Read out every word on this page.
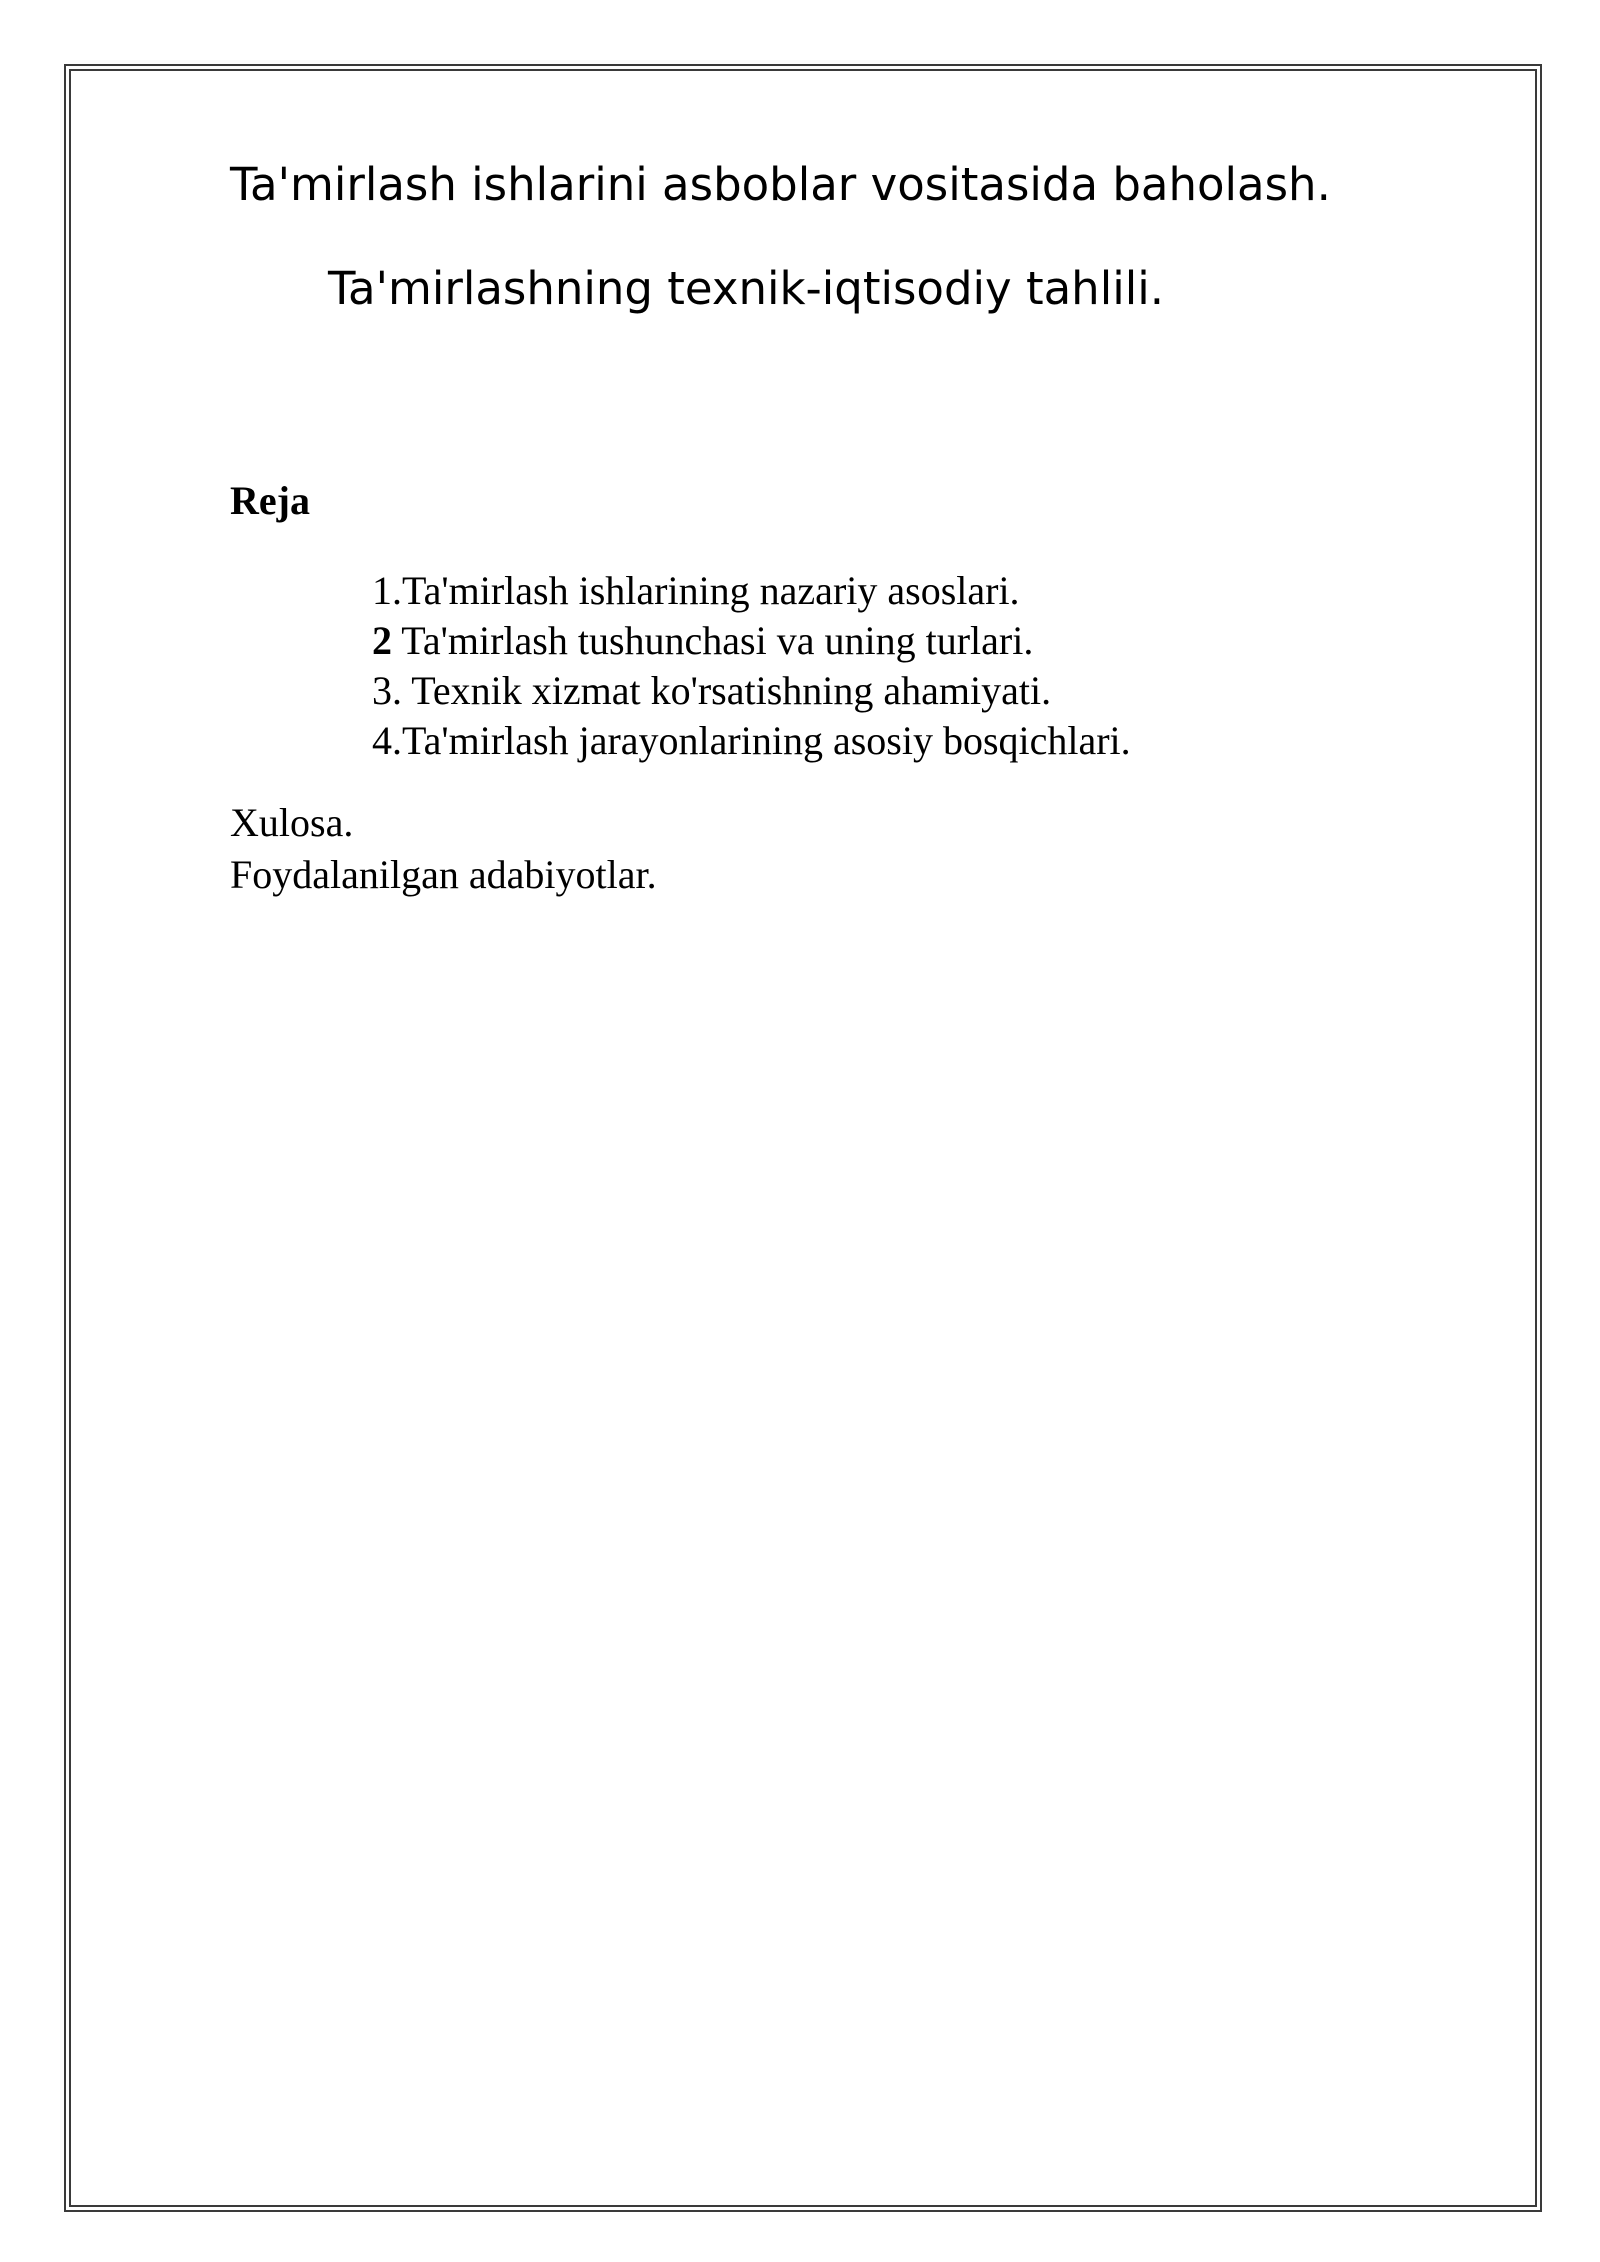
Ta'mirlash ishlarini asboblar vositasida baholash.
Ta'mirlashning texnik-iqtisodiy tahlili.
Reja
1.Ta'mirlash ishlarining nazariy asoslari.
2 Ta'mirlash tushunchasi va uning turlari.
3. Texnik xizmat ko'rsatishning ahamiyati.
4.Ta'mirlash jarayonlarining asosiy bosqichlari.
Xulosa.
Foydalanilgan adabiyotlar.
